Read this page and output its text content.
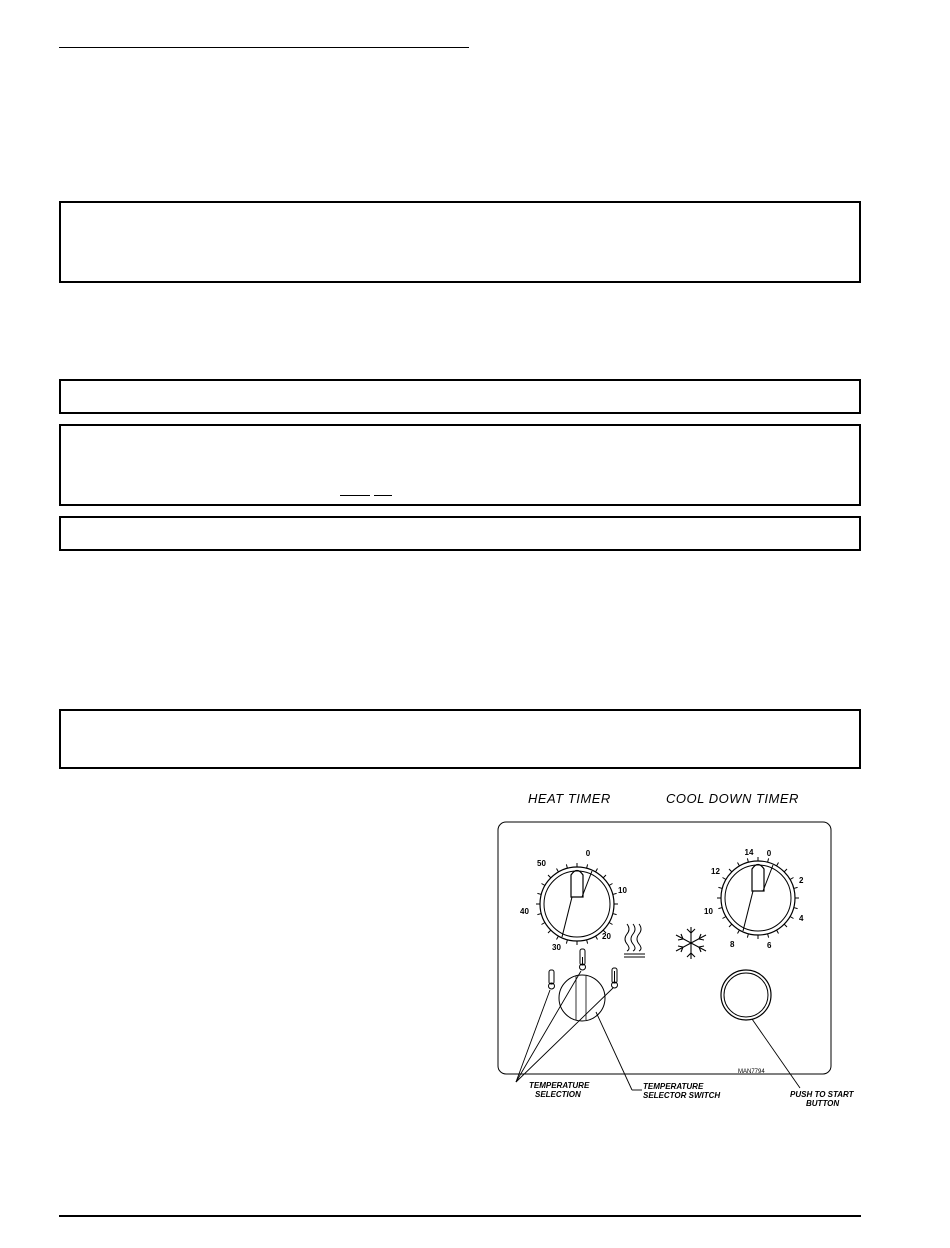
HEAT TIMER	COOL DOWN TIMER
0
10
20
30
40
50
14 0
2
4
6
8
10
12
TEMPERATURE
SELECTION
TEMPERATURE
SELECTOR SWITCH	PUSH TO START
BUTTON
MAN7794
